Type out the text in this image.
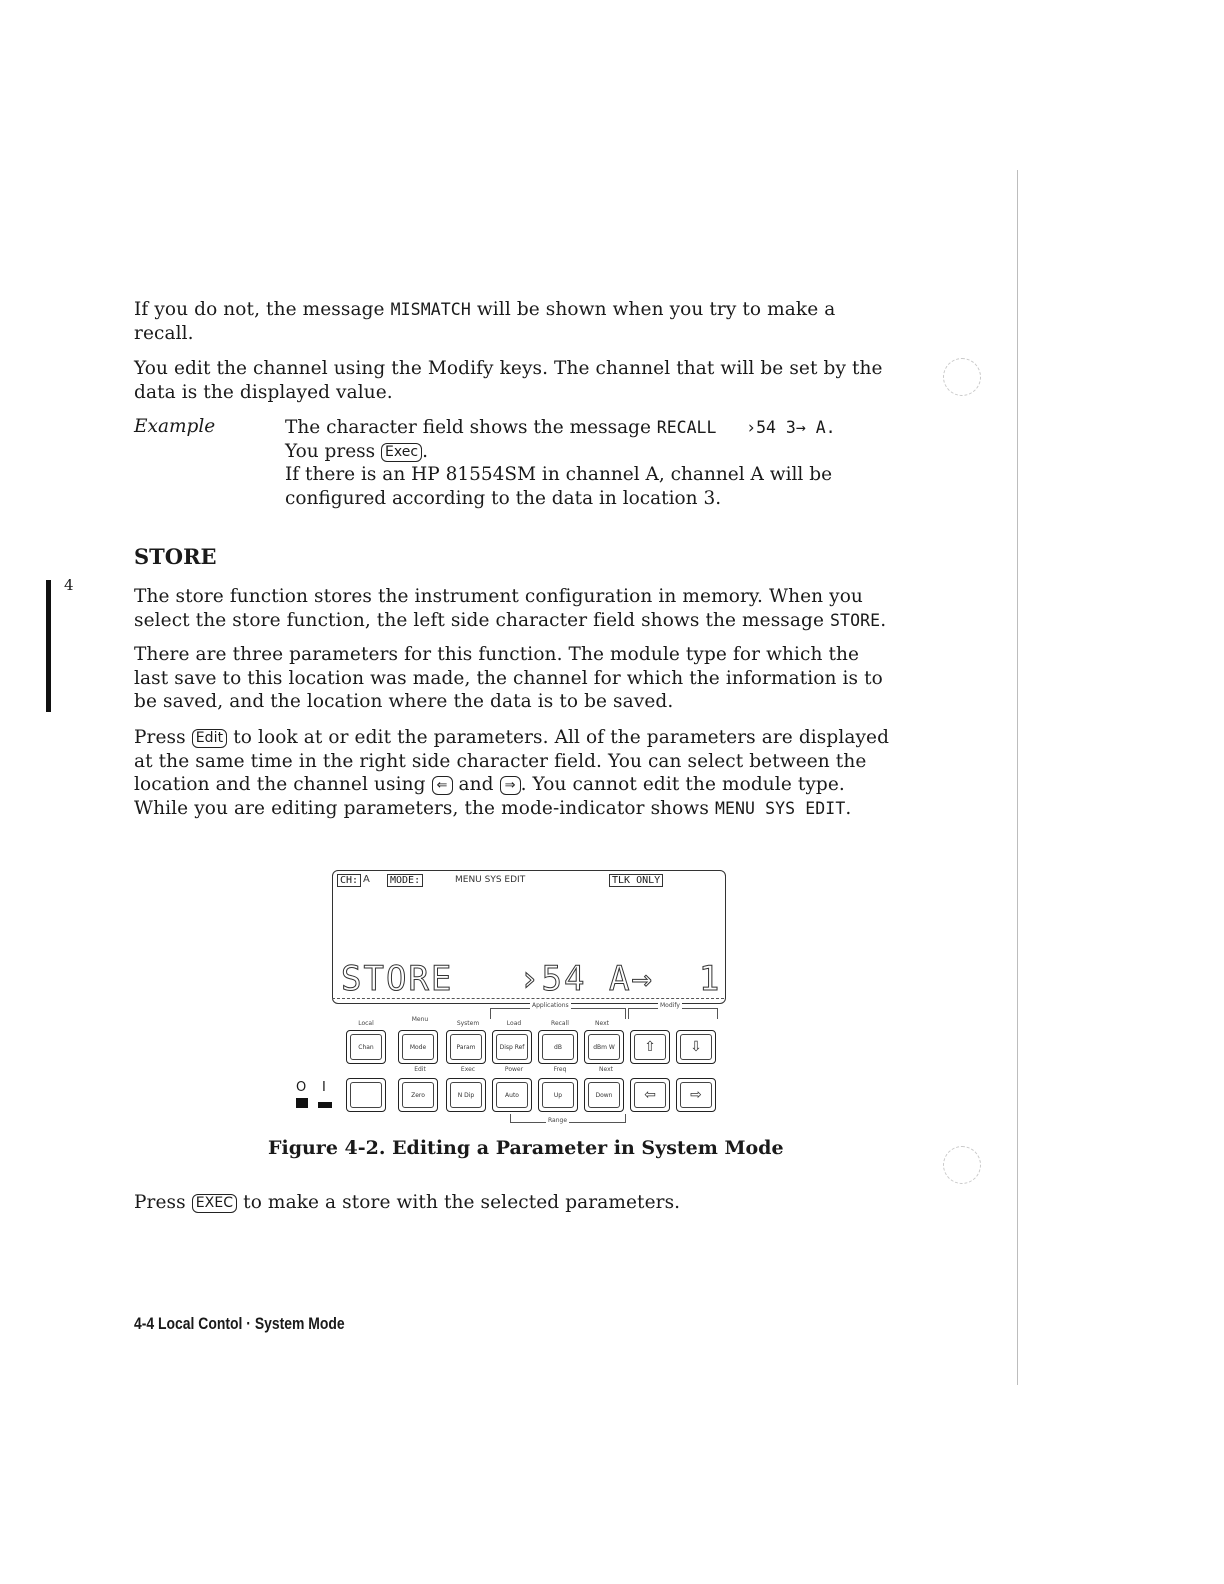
If you do not, the message MISMATCH will be shown when you try to make a recall.
You edit the channel using the Modify keys. The channel that will be set by the data is the displayed value.
Example	The character field shows the message RECALL   ›54 3→ A.
You press Exec .
If there is an HP 81554SM in channel A, channel A will be configured according to the data in location 3.
4
STORE
The store function stores the instrument configuration in memory. When you select the store function, the left side character field shows the message STORE.
There are three parameters for this function. The module type for which the last save to this location was made, the channel for which the information is to be saved, and the location where the data is to be saved.
Press Edit to look at or edit the parameters. All of the parameters are displayed at the same time in the right side character field. You can select between the location and the channel using ⇐ and ⇒ . You cannot edit the module type. While you are editing parameters, the mode-indicator shows MENU SYS EDIT.
CH: A	MODE:	MENU SYS EDIT	TLK ONLY
STORE ›54 A→  1
Applications	Modify
Local
Menu
System	Load	Recall	Next
Chan	Mode	Param	Disp Ref	dB	dBm W	⇧	⇩
Edit	Exec	Power	Freq	Next
O I	Zero	N Dip	Auto	Up	Down	⇦	⇨
Range
Figure 4-2. Editing a Parameter in System Mode
Press EXEC to make a store with the selected parameters.
4-4 Local Contol · System Mode
